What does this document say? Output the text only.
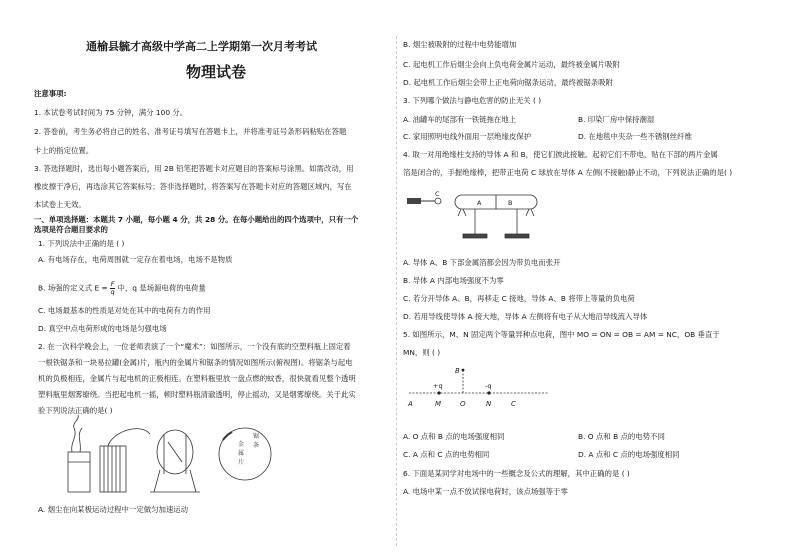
通榆县毓才高级中学高二上学期第一次月考考试
物理试卷
注意事项:
1. 本试卷考试时间为 75 分钟，满分 100 分。
2. 答卷前，考生务必将自己的姓名、准考证号填写在答题卡上，并将准考证号条形码粘贴在答题
卡上的指定位置。
3. 答选择题时，选出每小题答案后，用 2B 铅笔把答题卡对应题目的答案标号涂黑。如需改动，用
橡皮擦干净后，再选涂其它答案标号；答非选择题时，将答案写在答题卡对应的答题区域内，写在
本试卷上无效。
一、单项选择题：本题共 7 小题，每小题 4 分，共 28 分。在每小题给出的四个选项中，只有一个
选项是符合题目要求的
1. 下列说法中正确的是 ( )
A. 有电场存在，电荷周围就一定存在着电场，电场不是物质
B. 场强的定义式 $E = \frac{F}{q}$ 中，q 是场源电荷的电荷量
C. 电场最基本的性质是对处在其中的电荷有力的作用
D. 真空中点电荷形成的电场是匀强电场
2. 在一次科学晚会上，一位老师表演了一个“魔术”：如图所示，一个没有底的空塑料瓶上固定着
一根铁锯条和一块易拉罐(金属)片，瓶内的金属片和锯条的情况如图所示(俯视图)。将锯条与起电
机的负极相连，金属片与起电机的正极相连。在塑料瓶里放一盘点燃的蚊香，很快就看见整个透明
塑料瓶里烟雾缭绕。当把起电机一摇，顿时塑料瓶清澈透明，停止摇动，又是烟雾缭绕。关于此实
验下列说法正确的是( )
金
属
片
锯
条
A. 烟尘在向某极运动过程中一定做匀加速运动
B. 烟尘被吸附的过程中电势能增加
C. 起电机工作后烟尘会向上负电荷金属片运动，最终被金属片吸附
D. 起电机工作后烟尘会带上正电荷向锯条运动，最终被锯条吸附
3. 下列哪个做法与静电危害的防止无关 ( )
A. 油罐车的尾部有一铁链拖在地上	B. 印染厂房中保持潮湿
C. 家用照明电线外面用一层绝缘皮保护	D. 在地毯中夹杂一些不锈钢丝纤维
4. 取一对用绝缘柱支持的导体 A 和 B，使它们彼此接触。起初它们不带电，贴在下部的两片金属
箔是闭合的，手握绝缘棒，把带正电荷 C 球放在导体 A 左侧(不接触)静止不动，下列说法正确的是( )
C
A	B
A. 导体 A、B 下部金属箔都会因为带负电而张开
B. 导体 A 内部电场强度不为零
C. 若分开导体 A、B，再移走 C 接地，导体 A、B 将带上等量的负电荷
D. 若用导线使导体 A 接大地，导体 A 左侧将有电子从大地沿导线流入导体
5. 如图所示，M、N 固定两个等量异种点电荷，图中 MO = ON = OB = AM = NC，OB 垂直于
MN，则 ( )
A	M	O	N	C
B
+q	-q
A. O 点和 B 点的电场强度相同	B. O 点和 B 点的电势不同
C. A 点和 C 点的电势相同	D. A 点和 C 点的电场强度相同
6. 下面是某同学对电场中的一些概念及公式的理解，其中正确的是 ( )
A. 电场中某一点不放试探电荷时，该点场强等于零
